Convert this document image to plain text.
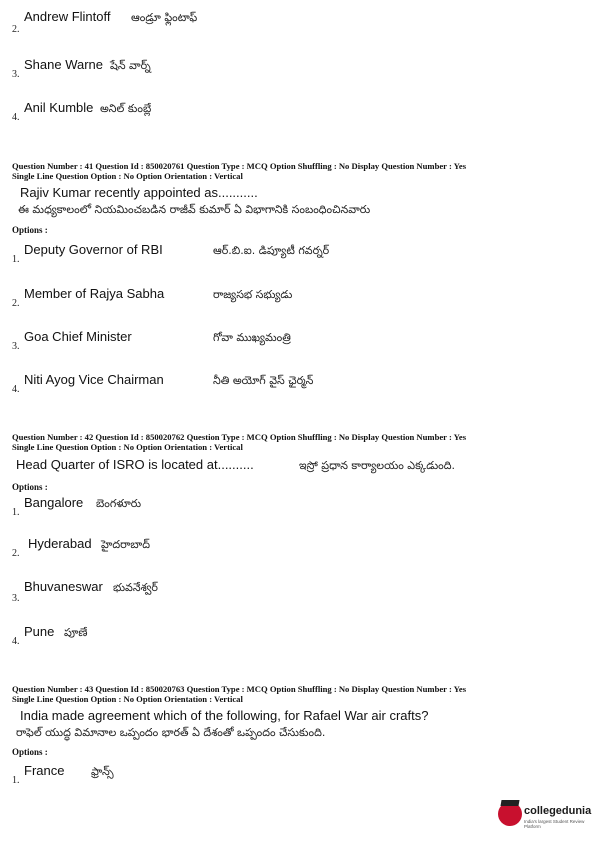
2.
Andrew Flintoff ఆండ్రూ ఫ్లింటాఫ్
3.
Shane Warne షేన్ వార్న్
4.
Anil Kumble అనిల్ కుంబ్లే
Question Number : 41 Question Id : 850020761 Question Type : MCQ Option Shuffling : No Display Question Number : Yes
Single Line Question Option : No Option Orientation : Vertical
Rajiv Kumar recently appointed as...........
ఈ మధ్యకాలంలో నియమించబడిన రాజీవ్ కుమార్ ఏ విభాగానికి సంబంధించినవారు
Options :
1.
Deputy Governor of RBI	ఆర్.బి.ఐ. డిప్యూటీ గవర్నర్
2.
Member of Rajya Sabha	రాజ్యసభ సభ్యుడు
3.
Goa Chief Minister	గోవా ముఖ్యమంత్రి
4.
Niti Ayog Vice Chairman	నీతి అయోగ్ వైస్ ఛైర్మన్
Question Number : 42 Question Id : 850020762 Question Type : MCQ Option Shuffling : No Display Question Number : Yes
Single Line Question Option : No Option Orientation : Vertical
Head Quarter of ISRO is located at..........	ఇస్రో ప్రధాన కార్యాలయం ఎక్కడుంది.
Options :
1.
Bangalore బెంగళూరు
2.
Hyderabad హైదరాబాద్
3.
Bhuvaneswar భువనేశ్వర్
4.
Pune పూణే
Question Number : 43 Question Id : 850020763 Question Type : MCQ Option Shuffling : No Display Question Number : Yes
Single Line Question Option : No Option Orientation : Vertical
India made agreement which of the following, for Rafael War air crafts?
రాఫెల్ యుద్ధ విమానాల ఒప్పందం భారత్ ఏ దేశంతో ఒప్పందం చేసుకుంది.
Options :
1.
France ఫ్రాన్స్
collegedunia
India's largest Student Review Platform
